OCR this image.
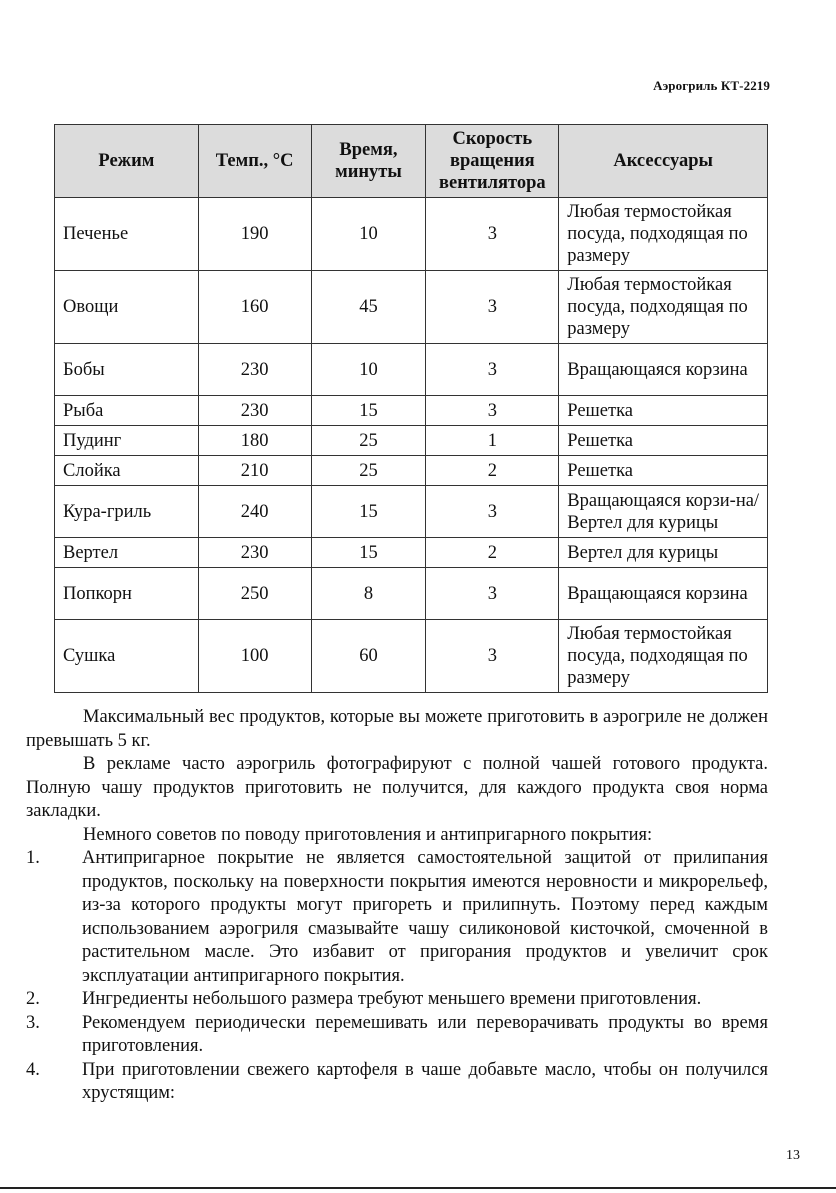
Аэрогриль КТ-2219
Режим	Темп., °C	Время, минуты	Скорость вращения вентилятора	Аксессуары
Печенье	190	10	3	Любая термостойкая посуда, подходящая по размеру
Овощи	160	45	3	Любая термостойкая посуда, подходящая по размеру
Бобы	230	10	3	Вращающаяся корзина
Рыба	230	15	3	Решетка
Пудинг	180	25	1	Решетка
Слойка	210	25	2	Решетка
Кура-гриль	240	15	3	Вращающаяся корзи-на/ Вертел для курицы
Вертел	230	15	2	Вертел для курицы
Попкорн	250	8	3	Вращающаяся корзина
Сушка	100	60	3	Любая термостойкая посуда, подходящая по размеру

Максимальный вес продуктов, которые вы можете приготовить в аэрогриле не должен превышать 5 кг.

В рекламе часто аэрогриль фотографируют с полной чашей готового продукта. Полную чашу продуктов приготовить не получится, для каждого продукта своя норма закладки.

Немного советов по поводу приготовления и антипригарного покрытия:

1. Антипригарное покрытие не является самостоятельной защитой от прилипания продуктов, поскольку на поверхности покрытия имеются неровности и микрорельеф, из-за которого продукты могут пригореть и прилипнуть. Поэтому перед каждым использованием аэрогриля смазывайте чашу силиконовой кисточкой, смоченной в растительном масле. Это избавит от пригорания продуктов и увеличит срок эксплуатации антипригарного покрытия.
2. Ингредиенты небольшого размера требуют меньшего времени приготовления.
3. Рекомендуем периодически перемешивать или переворачивать продукты во время приготовления.
4. При приготовлении свежего картофеля в чаше добавьте масло, чтобы он получился хрустящим:
13
